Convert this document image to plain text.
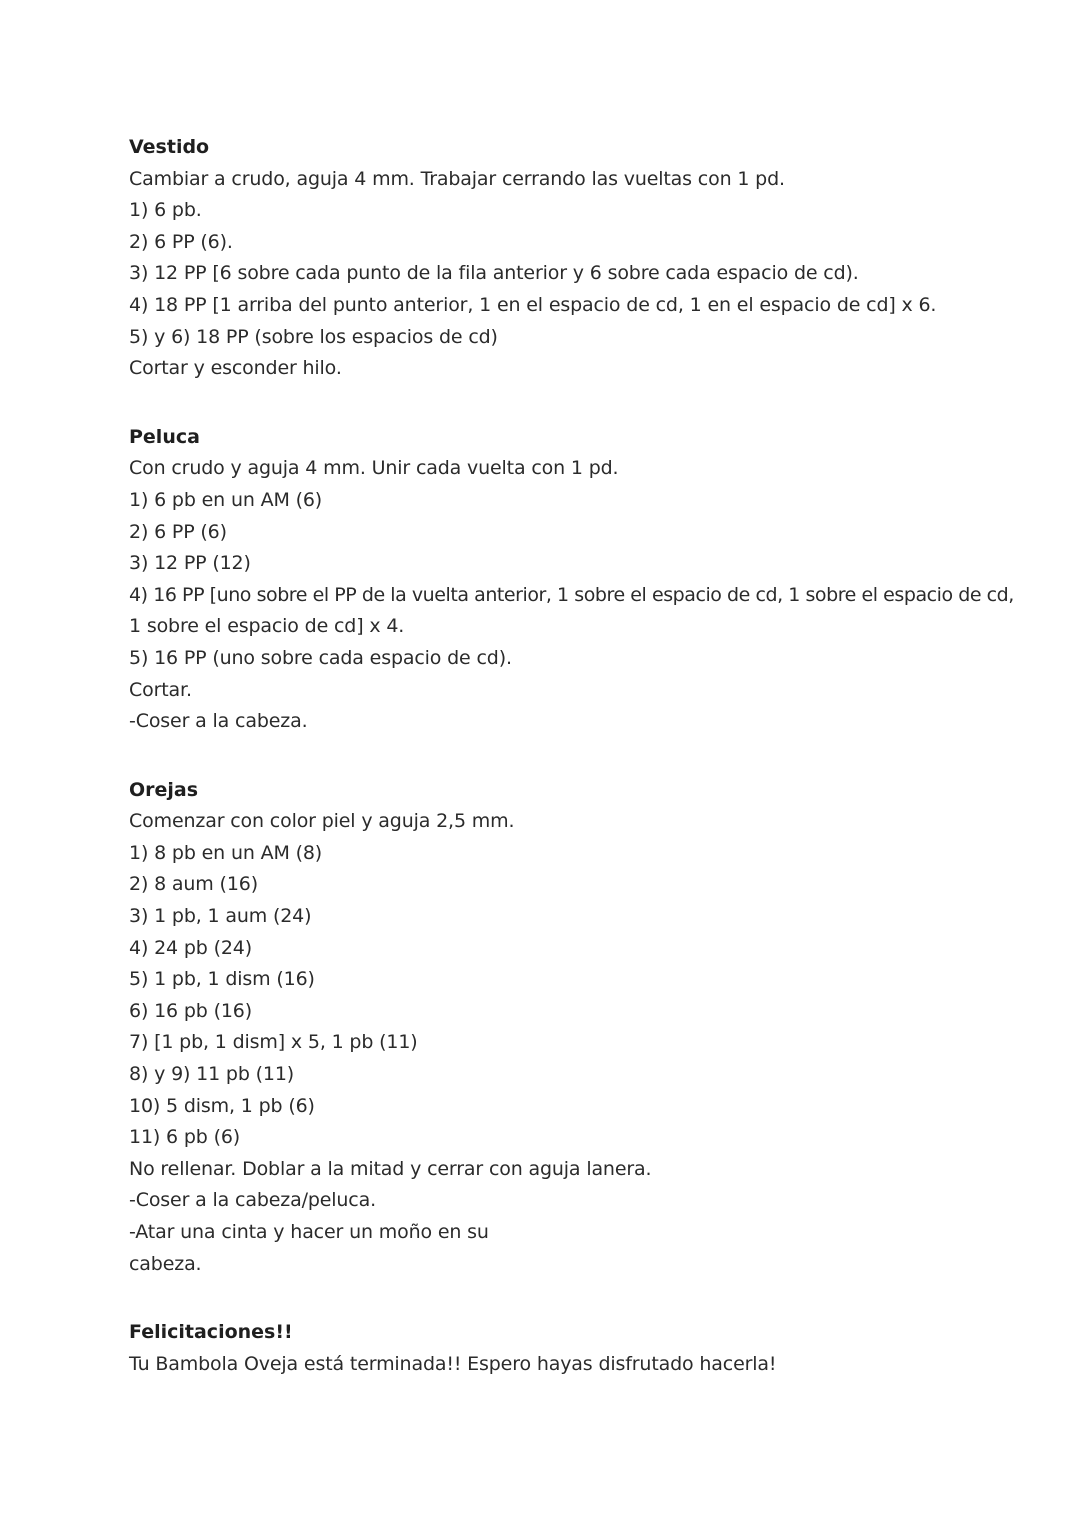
Vestido
Cambiar a crudo, aguja 4 mm. Trabajar cerrando las vueltas con 1 pd.
1) 6 pb.
2) 6 PP (6).
3) 12 PP [6 sobre cada punto de la fila anterior y 6 sobre cada espacio de cd).
4) 18 PP [1 arriba del punto anterior, 1 en el espacio de cd, 1 en el espacio de cd] x 6.
5) y 6) 18 PP (sobre los espacios de cd)
Cortar y esconder hilo.
Peluca
Con crudo y aguja 4 mm. Unir cada vuelta con 1 pd.
1) 6 pb en un AM (6)
2) 6 PP (6)
3) 12 PP (12)
4) 16 PP [uno sobre el PP de la vuelta anterior, 1 sobre el espacio de cd, 1 sobre el espacio de cd,
1 sobre el espacio de cd] x 4.
5) 16 PP (uno sobre cada espacio de cd).
Cortar.
-Coser a la cabeza.
Orejas
Comenzar con color piel y aguja 2,5 mm.
1) 8 pb en un AM (8)
2) 8 aum (16)
3) 1 pb, 1 aum (24)
4) 24 pb (24)
5) 1 pb, 1 dism (16)
6) 16 pb (16)
7) [1 pb, 1 dism] x 5, 1 pb (11)
8) y 9) 11 pb (11)
10) 5 dism, 1 pb (6)
11) 6 pb (6)
No rellenar. Doblar a la mitad y cerrar con aguja lanera.
-Coser a la cabeza/peluca.
-Atar una cinta y hacer un moño en su
cabeza.
Felicitaciones!!
Tu Bambola Oveja está terminada!! Espero hayas disfrutado hacerla!
